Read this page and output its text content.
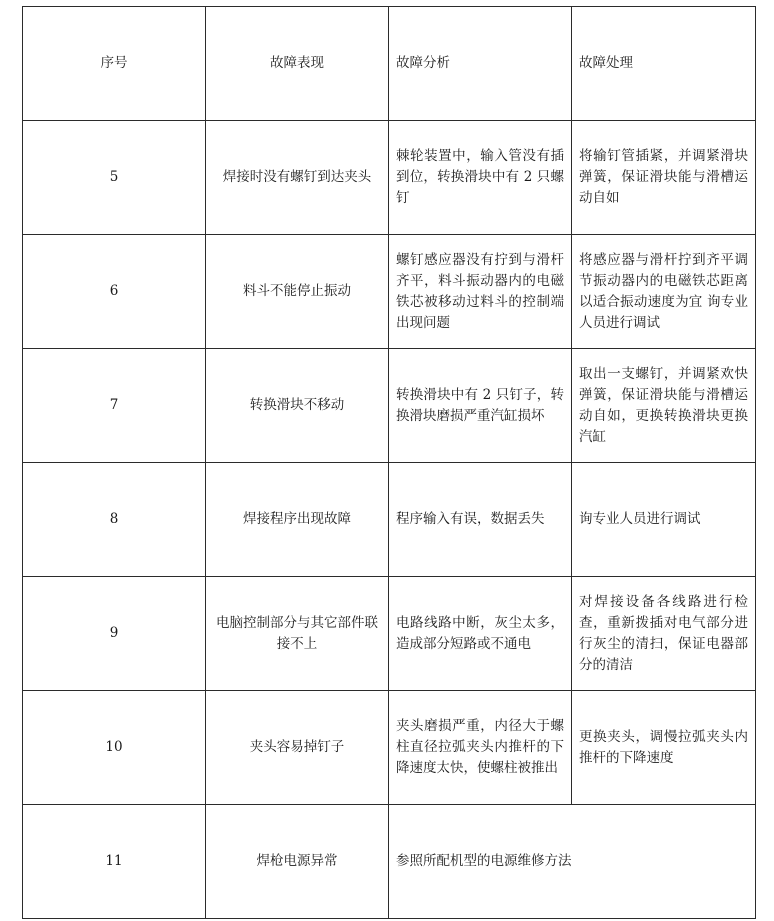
序号	故障表现	故障分析	故障处理
5	焊接时没有螺钉到达夹头	棘轮装置中，输入管没有插到位，转换滑块中有 2 只螺钉	将输钉管插紧，并调紧滑块弹簧，保证滑块能与滑槽运动自如
6	料斗不能停止振动	螺钉感应器没有拧到与滑杆齐平，料斗振动器内的电磁铁芯被移动过料斗的控制端出现问题	将感应器与滑杆拧到齐平调节振动器内的电磁铁芯距离以适合振动速度为宜 询专业人员进行调试
7	转换滑块不移动	转换滑块中有 2 只钉子，转换滑块磨损严重汽缸损坏	取出一支螺钉，并调紧欢快弹簧，保证滑块能与滑槽运动自如，更换转换滑块更换汽缸
8	焊接程序出现故障	程序输入有误，数据丢失	询专业人员进行调试
9	电脑控制部分与其它部件联接不上	电路线路中断，灰尘太多，造成部分短路或不通电	对焊接设备各线路进行检查，重新拨插对电气部分进行灰尘的清扫，保证电器部分的清洁
10	夹头容易掉钉子	夹头磨损严重，内径大于螺柱直径拉弧夹头内推杆的下降速度太快，使螺柱被推出	更换夹头，调慢拉弧夹头内推杆的下降速度
11	焊枪电源异常	参照所配机型的电源维修方法	
